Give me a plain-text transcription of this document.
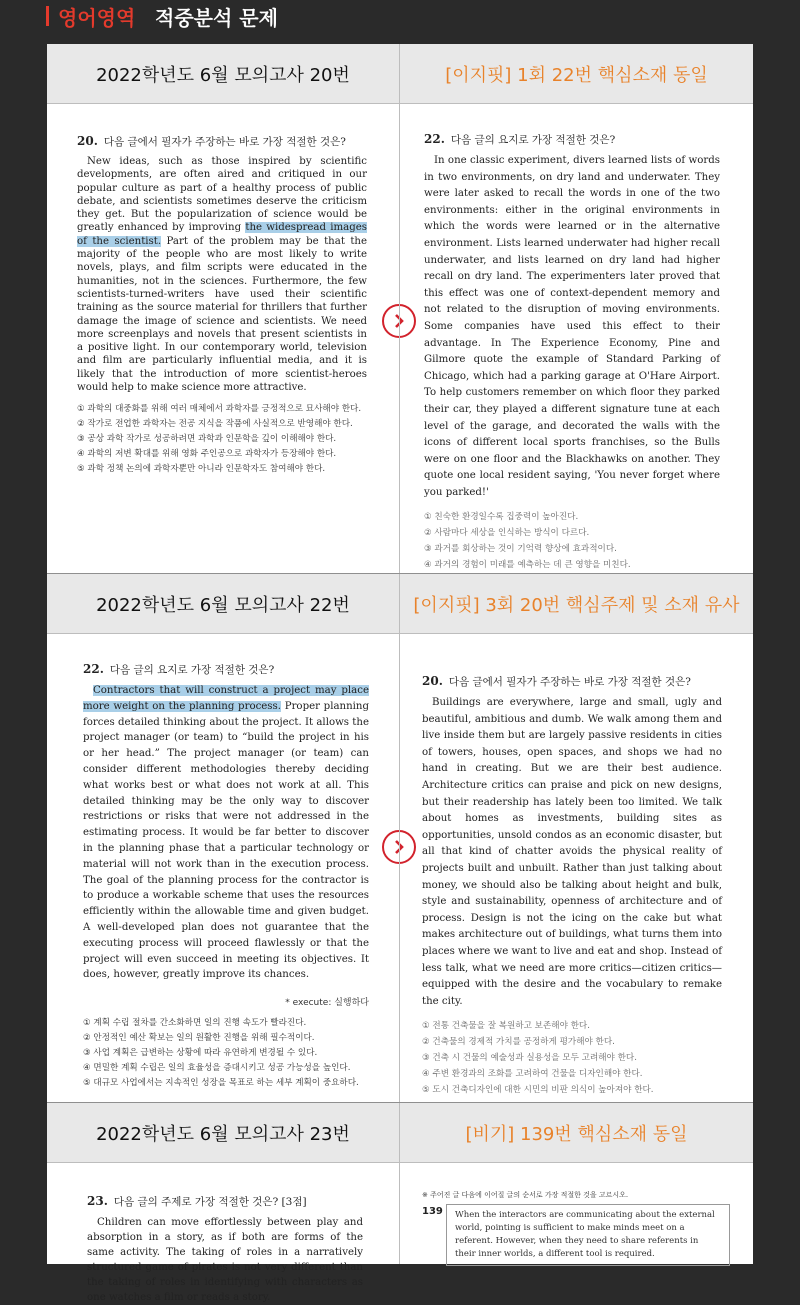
영어영역 적중분석 문제
2022학년도 6월 모의고사 20번	[이지핏] 1회 22번 핵심소재 동일

20. 다음 글에서 필자가 주장하는 바로 가장 적절한 것은?

New ideas, such as those inspired by scientific developments, are often aired and critiqued in our popular culture as part of a healthy process of public debate, and scientists sometimes deserve the criticism they get. But the popularization of science would be greatly enhanced by improving the widespread images of the scientist. Part of the problem may be that the majority of the people who are most likely to write novels, plays, and film scripts were educated in the humanities, not in the sciences. Furthermore, the few scientists-turned-writers have used their scientific training as the source material for thrillers that further damage the image of science and scientists. We need more screenplays and novels that present scientists in a positive light. In our contemporary world, television and film are particularly influential media, and it is likely that the introduction of more scientist-heroes would help to make science more attractive.

① 과학의 대중화를 위해 여러 매체에서 과학자를 긍정적으로 묘사해야 한다.
② 작가로 전업한 과학자는 전공 지식을 작품에 사실적으로 반영해야 한다.
③ 공상 과학 작가로 성공하려면 과학과 인문학을 깊이 이해해야 한다.
④ 과학의 저변 확대를 위해 영화 주인공으로 과학자가 등장해야 한다.
⑤ 과학 정책 논의에 과학자뿐만 아니라 인문학자도 참여해야 한다.

22. 다음 글의 요지로 가장 적절한 것은?

In one classic experiment, divers learned lists of words in two environments, on dry land and underwater. They were later asked to recall the words in one of the two environments: either in the original environments in which the words were learned or in the alternative environment. Lists learned underwater had higher recall underwater, and lists learned on dry land had higher recall on dry land. The experimenters later proved that this effect was one of context-dependent memory and not related to the disruption of moving environments. Some companies have used this effect to their advantage. In The Experience Economy, Pine and Gilmore quote the example of Standard Parking of Chicago, which had a parking garage at O'Hare Airport. To help customers remember on which floor they parked their car, they played a different signature tune at each level of the garage, and decorated the walls with the icons of different local sports franchises, so the Bulls were on one floor and the Blackhawks on another. They quote one local resident saying, 'You never forget where you parked!'

① 친숙한 환경일수록 집중력이 높아진다.
② 사람마다 세상을 인식하는 방식이 다르다.
③ 과거를 회상하는 것이 기억력 향상에 효과적이다.
④ 과거의 경험이 미래를 예측하는 데 큰 영향을 미친다.
2022학년도 6월 모의고사 22번	[이지핏] 3회 20번 핵심주제 및 소재 유사

22. 다음 글의 요지로 가장 적절한 것은?

Contractors that will construct a project may place more weight on the planning process. Proper planning forces detailed thinking about the project. It allows the project manager (or team) to “build the project in his or her head.” The project manager (or team) can consider different methodologies thereby deciding what works best or what does not work at all. This detailed thinking may be the only way to discover restrictions or risks that were not addressed in the estimating process. It would be far better to discover in the planning phase that a particular technology or material will not work than in the execution process. The goal of the planning process for the contractor is to produce a workable scheme that uses the resources efficiently within the allowable time and given budget. A well-developed plan does not guarantee that the executing process will proceed flawlessly or that the project will even succeed in meeting its objectives. It does, however, greatly improve its chances.

* execute: 실행하다

① 계획 수립 절차를 간소화하면 일의 진행 속도가 빨라진다.
② 안정적인 예산 확보는 일의 원활한 진행을 위해 필수적이다.
③ 사업 계획은 급변하는 상황에 따라 유연하게 변경될 수 있다.
④ 면밀한 계획 수립은 일의 효율성을 증대시키고 성공 가능성을 높인다.
⑤ 대규모 사업에서는 지속적인 성장을 목표로 하는 세부 계획이 중요하다.

20. 다음 글에서 필자가 주장하는 바로 가장 적절한 것은?

Buildings are everywhere, large and small, ugly and beautiful, ambitious and dumb. We walk among them and live inside them but are largely passive residents in cities of towers, houses, open spaces, and shops we had no hand in creating. But we are their best audience. Architecture critics can praise and pick on new designs, but their readership has lately been too limited. We talk about homes as investments, building sites as opportunities, unsold condos as an economic disaster, but all that kind of chatter avoids the physical reality of projects built and unbuilt. Rather than just talking about money, we should also be talking about height and bulk, style and sustainability, openness of architecture and of process. Design is not the icing on the cake but what makes architecture out of buildings, what turns them into places where we want to live and eat and shop. Instead of less talk, what we need are more critics—citizen critics—equipped with the desire and the vocabulary to remake the city.

① 전통 건축물을 잘 복원하고 보존해야 한다.
② 건축물의 경제적 가치를 공정하게 평가해야 한다.
③ 건축 시 건물의 예술성과 실용성을 모두 고려해야 한다.
④ 주변 환경과의 조화를 고려하여 건물을 디자인해야 한다.
⑤ 도시 건축디자인에 대한 시민의 비판 의식이 높아져야 한다.
2022학년도 6월 모의고사 23번	[비기] 139번 핵심소재 동일

23. 다음 글의 주제로 가장 적절한 것은? [3점]

Children can move effortlessly between play and absorption in a story, as if both are forms of the same activity. The taking of roles in a narratively structured game of pirates is not very different than the taking of roles in identifying with characters as one watches a film or reads a story.

※ 주어진 글 다음에 이어질 글의 순서로 가장 적절한 것을 고르시오.

139	When the interactors are communicating about the external world, pointing is sufficient to make minds meet on a referent. However, when they need to share referents in their inner worlds, a different tool is required.
